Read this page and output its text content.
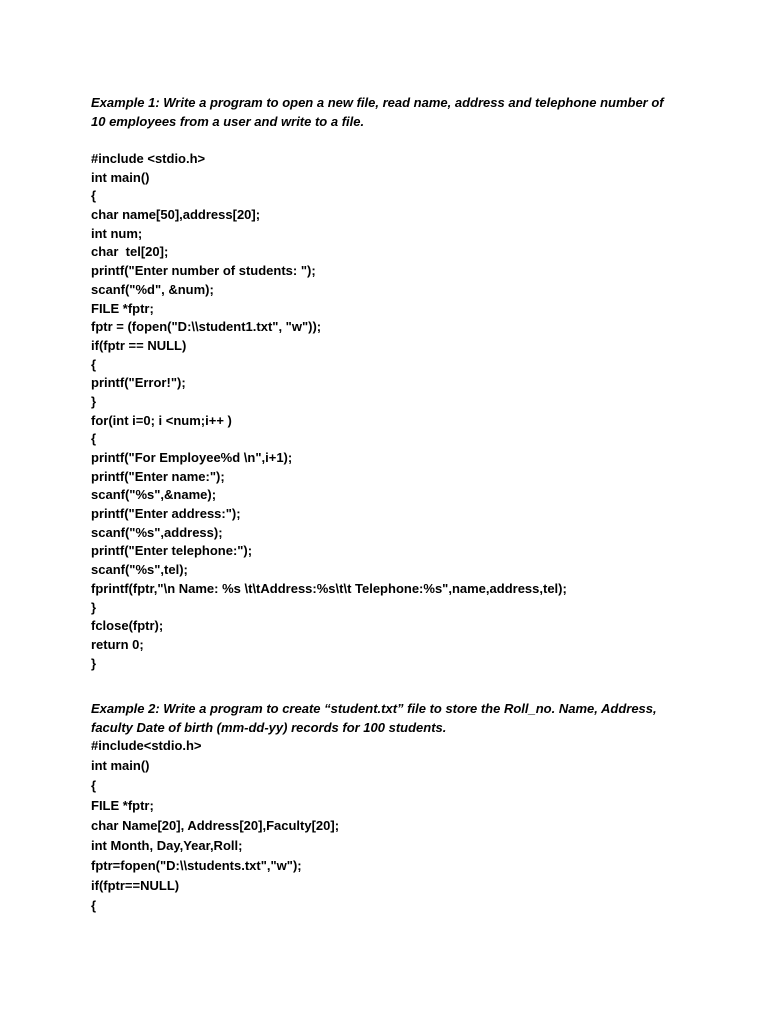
Example 1: Write a program to open a new file, read name, address and telephone number of
10 employees from a user and write to a file.
#include <stdio.h>
int main()
{
char name[50],address[20];
int num;
char  tel[20];
printf("Enter number of students: ");
scanf("%d", &num);
FILE *fptr;
fptr = (fopen("D:\\student1.txt", "w"));
if(fptr == NULL)
{
printf("Error!");
}
for(int i=0; i <num;i++ )
{
printf("For Employee%d \n",i+1);
printf("Enter name:");
scanf("%s",&name);
printf("Enter address:");
scanf("%s",address);
printf("Enter telephone:");
scanf("%s",tel);
fprintf(fptr,"\n Name: %s \t\tAddress:%s\t\t Telephone:%s",name,address,tel);
}
fclose(fptr);
return 0;
}
Example 2: Write a program to create “student.txt” file to store the Roll_no. Name, Address,
faculty Date of birth (mm-dd-yy) records for 100 students.
#include<stdio.h>
int main()
{
FILE *fptr;
char Name[20], Address[20],Faculty[20];
int Month, Day,Year,Roll;
fptr=fopen("D:\\students.txt","w");
if(fptr==NULL)
{
